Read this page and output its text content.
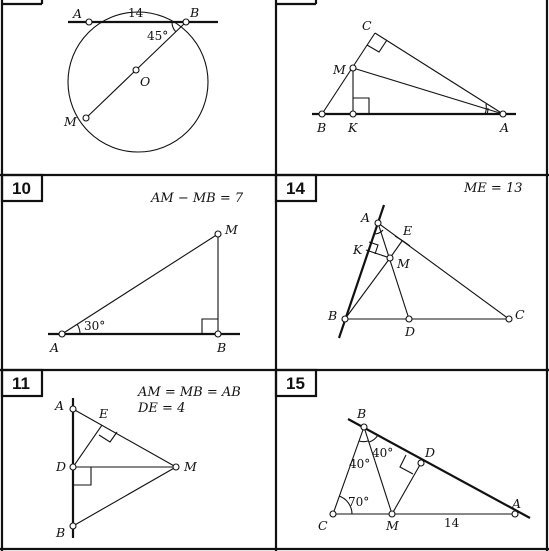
A	14	B
45°
O
M
C
M
B K	A
10
AM − MB = 7
M
30°
A	B
14	ME = 13
A
E
K
M
B
D
C
11	AM = MB = AB
DE = 4
A
E
D	M
B
15
B
D
40°
40°
70°
C	M	14
A
